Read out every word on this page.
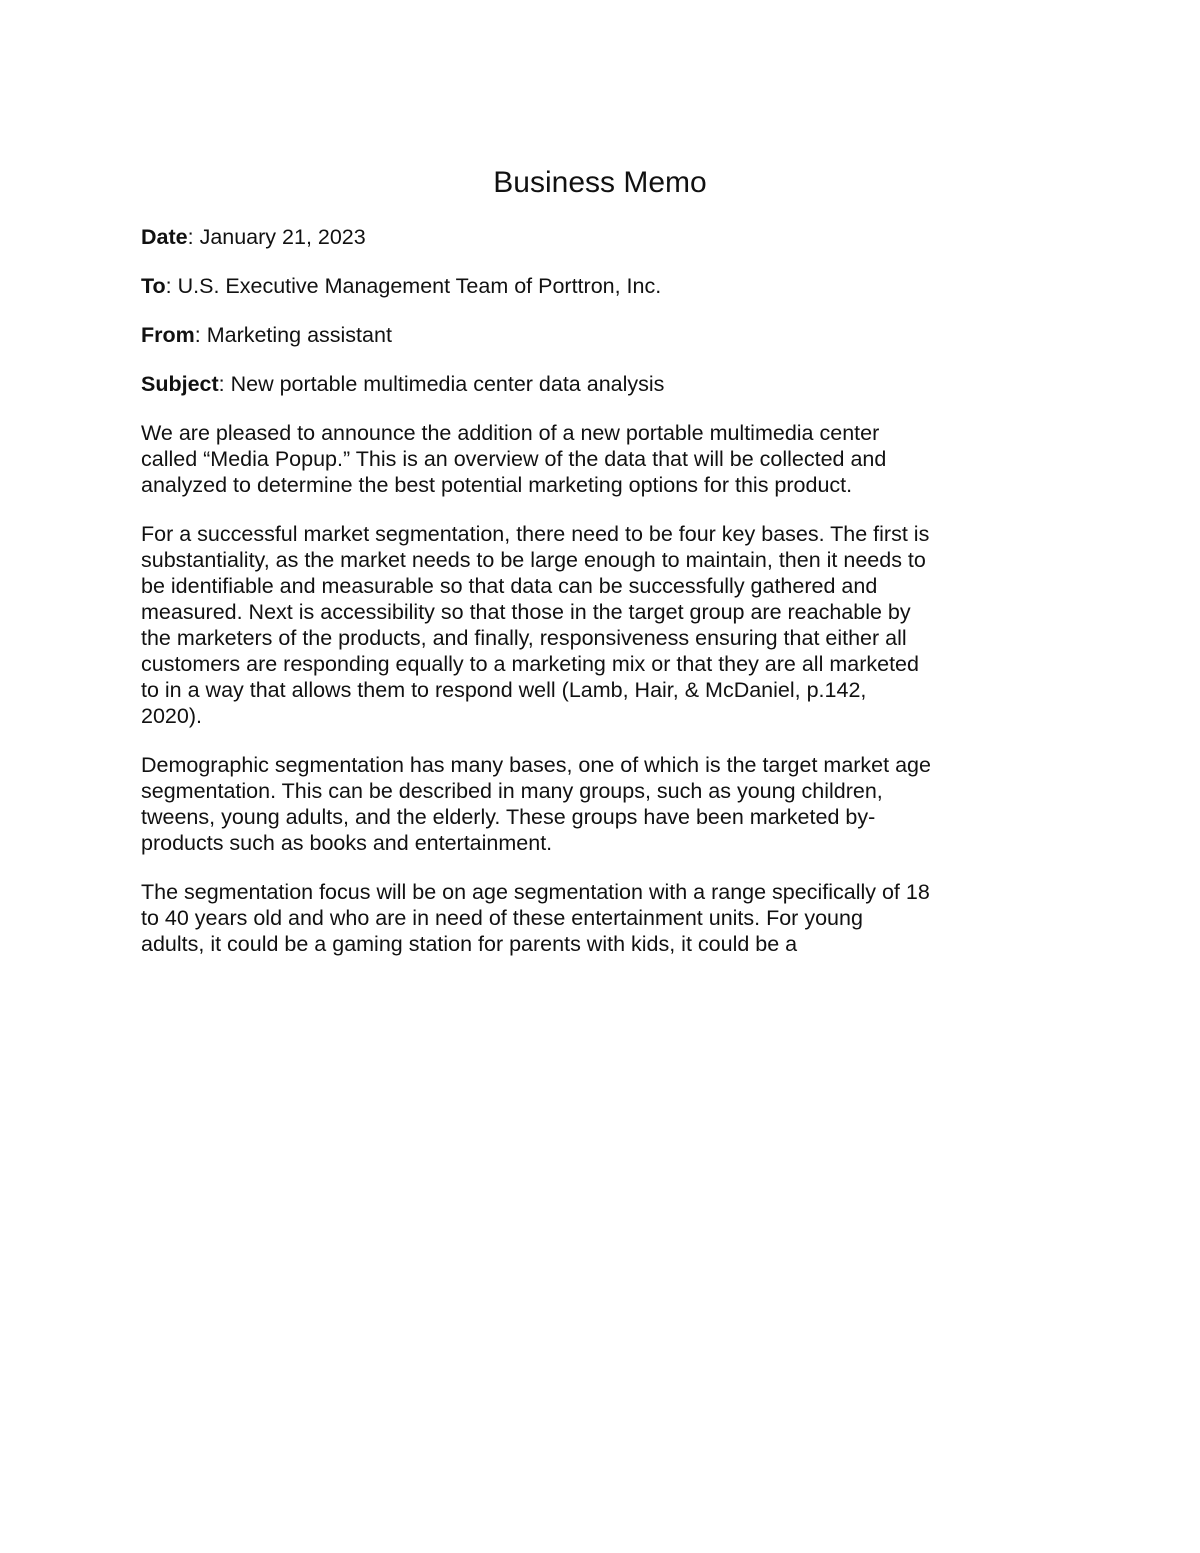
Business Memo

Date: January 21, 2023

To: U.S. Executive Management Team of Porttron, Inc.

From: Marketing assistant

Subject: New portable multimedia center data analysis

We are pleased to announce the addition of a new portable multimedia center called “Media Popup.” This is an overview of the data that will be collected and analyzed to determine the best potential marketing options for this product.

For a successful market segmentation, there need to be four key bases. The first is substantiality, as the market needs to be large enough to maintain, then it needs to be identifiable and measurable so that data can be successfully gathered and measured. Next is accessibility so that those in the target group are reachable by the marketers of the products, and finally, responsiveness ensuring that either all customers are responding equally to a marketing mix or that they are all marketed to in a way that allows them to respond well (Lamb, Hair, & McDaniel, p.142, 2020).

Demographic segmentation has many bases, one of which is the target market age segmentation. This can be described in many groups, such as young children, tweens, young adults, and the elderly. These groups have been marketed by-products such as books and entertainment.

The segmentation focus will be on age segmentation with a range specifically of 18 to 40 years old and who are in need of these entertainment units. For young adults, it could be a gaming station for parents with kids, it could be a
